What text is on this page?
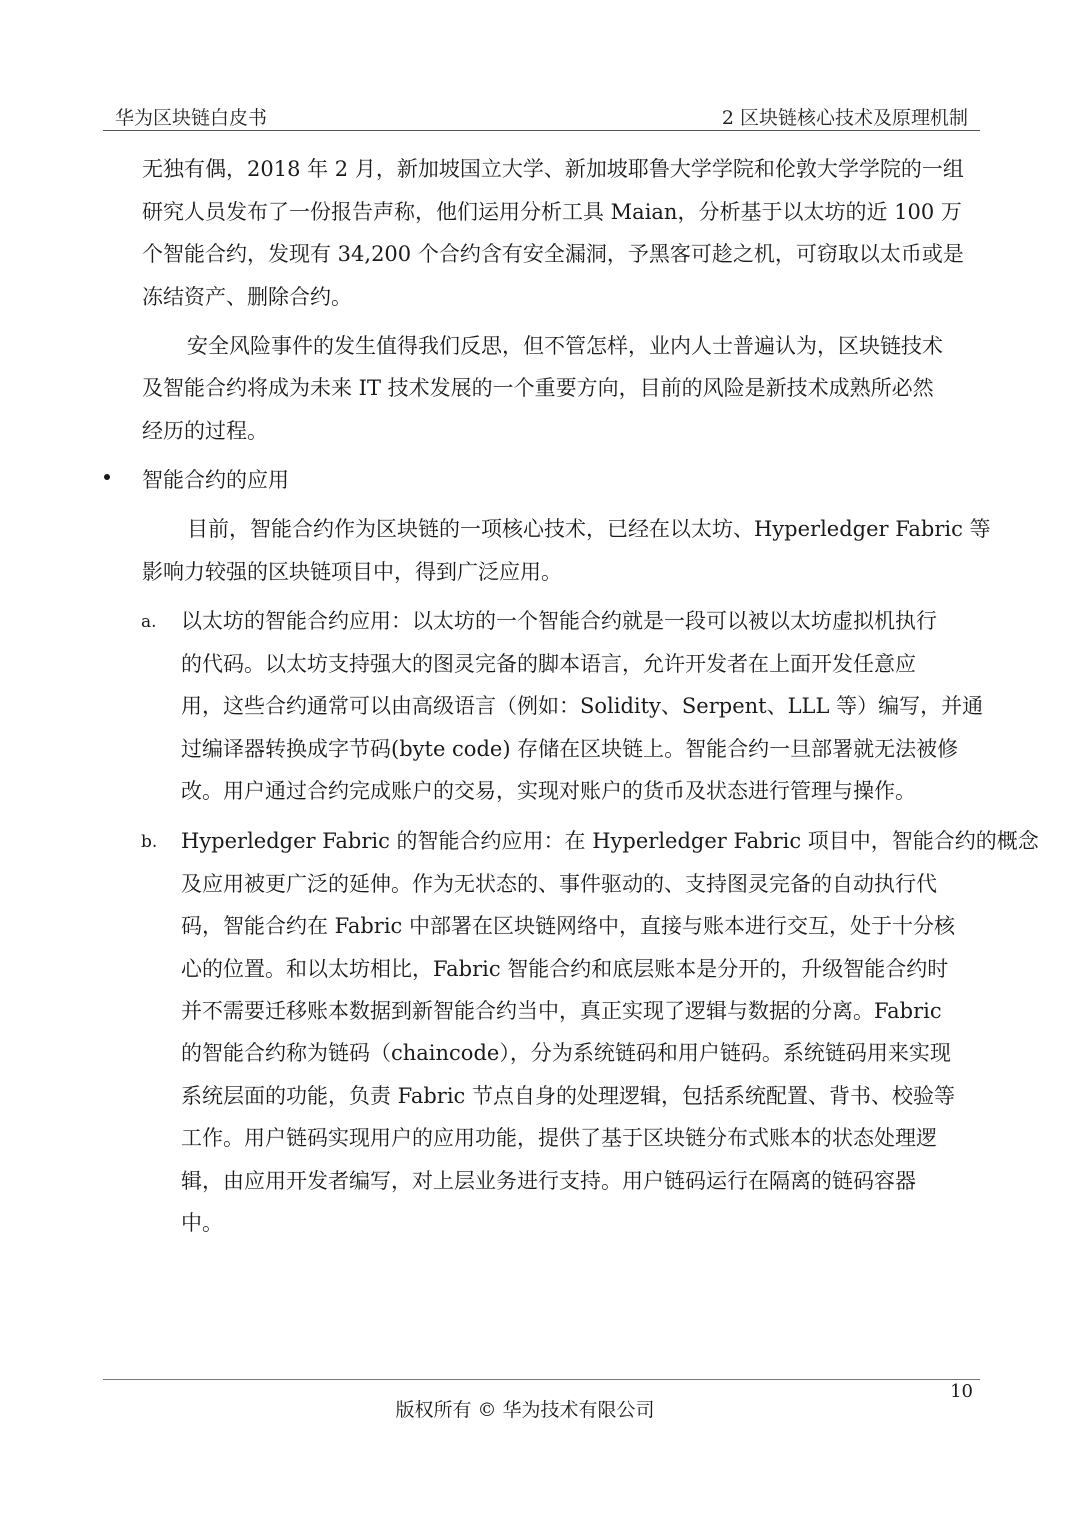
华为区块链白皮书	2 区块链核心技术及原理机制
无独有偶，2018 年 2 月，新加坡国立大学、新加坡耶鲁大学学院和伦敦大学学院的一组
研究人员发布了一份报告声称，他们运用分析工具 Maian，分析基于以太坊的近 100 万
个智能合约，发现有 34,200 个合约含有安全漏洞，予黑客可趁之机，可窃取以太币或是
冻结资产、删除合约。
安全风险事件的发生值得我们反思，但不管怎样，业内人士普遍认为，区块链技术
及智能合约将成为未来 IT 技术发展的一个重要方向，目前的风险是新技术成熟所必然
经历的过程。
智能合约的应用
目前，智能合约作为区块链的一项核心技术，已经在以太坊、Hyperledger Fabric 等
影响力较强的区块链项目中，得到广泛应用。
a. 以太坊的智能合约应用：以太坊的一个智能合约就是一段可以被以太坊虚拟机执行
的代码。以太坊支持强大的图灵完备的脚本语言，允许开发者在上面开发任意应
用，这些合约通常可以由高级语言（例如：Solidity、Serpent、LLL 等）编写，并通
过编译器转换成字节码(byte code) 存储在区块链上。智能合约一旦部署就无法被修
改。用户通过合约完成账户的交易，实现对账户的货币及状态进行管理与操作。
b. Hyperledger Fabric 的智能合约应用：在 Hyperledger Fabric 项目中，智能合约的概念
及应用被更广泛的延伸。作为无状态的、事件驱动的、支持图灵完备的自动执行代
码，智能合约在 Fabric 中部署在区块链网络中，直接与账本进行交互，处于十分核
心的位置。和以太坊相比，Fabric 智能合约和底层账本是分开的，升级智能合约时
并不需要迁移账本数据到新智能合约当中，真正实现了逻辑与数据的分离。Fabric
的智能合约称为链码（chaincode），分为系统链码和用户链码。系统链码用来实现
系统层面的功能，负责 Fabric 节点自身的处理逻辑，包括系统配置、背书、校验等
工作。用户链码实现用户的应用功能，提供了基于区块链分布式账本的状态处理逻
辑，由应用开发者编写，对上层业务进行支持。用户链码运行在隔离的链码容器
中。
10
版权所有 © 华为技术有限公司
